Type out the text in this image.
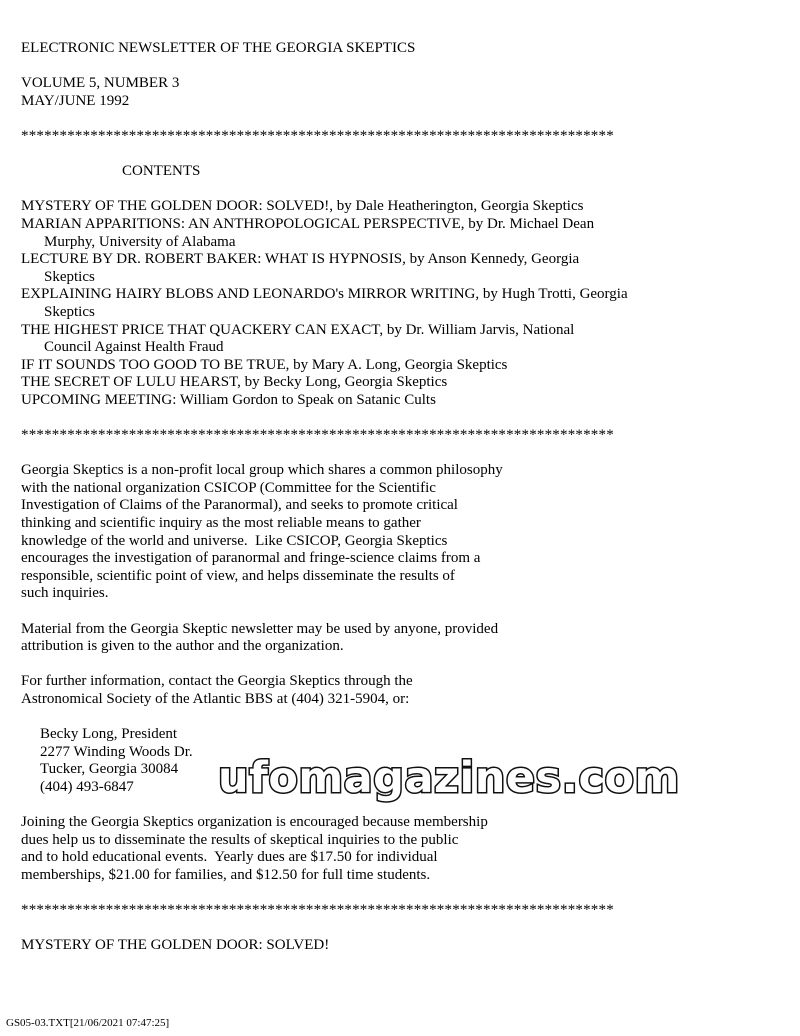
ELECTRONIC NEWSLETTER OF THE GEORGIA SKEPTICS
VOLUME 5, NUMBER 3
MAY/JUNE 1992
*****************************************************************************
CONTENTS
MYSTERY OF THE GOLDEN DOOR: SOLVED!, by Dale Heatherington, Georgia Skeptics
MARIAN APPARITIONS: AN ANTHROPOLOGICAL PERSPECTIVE, by Dr. Michael Dean
Murphy, University of Alabama
LECTURE BY DR. ROBERT BAKER: WHAT IS HYPNOSIS, by Anson Kennedy, Georgia
Skeptics
EXPLAINING HAIRY BLOBS AND LEONARDO's MIRROR WRITING, by Hugh Trotti, Georgia
Skeptics
THE HIGHEST PRICE THAT QUACKERY CAN EXACT, by Dr. William Jarvis, National
Council Against Health Fraud
IF IT SOUNDS TOO GOOD TO BE TRUE, by Mary A. Long, Georgia Skeptics
THE SECRET OF LULU HEARST, by Becky Long, Georgia Skeptics
UPCOMING MEETING: William Gordon to Speak on Satanic Cults
*****************************************************************************
Georgia Skeptics is a non-profit local group which shares a common philosophy
with the national organization CSICOP (Committee for the Scientific
Investigation of Claims of the Paranormal), and seeks to promote critical
thinking and scientific inquiry as the most reliable means to gather
knowledge of the world and universe.  Like CSICOP, Georgia Skeptics
encourages the investigation of paranormal and fringe-science claims from a
responsible, scientific point of view, and helps disseminate the results of
such inquiries.
Material from the Georgia Skeptic newsletter may be used by anyone, provided
attribution is given to the author and the organization.
For further information, contact the Georgia Skeptics through the
Astronomical Society of the Atlantic BBS at (404) 321-5904, or:
Becky Long, President
2277 Winding Woods Dr.
Tucker, Georgia 30084
(404) 493-6847
Joining the Georgia Skeptics organization is encouraged because membership
dues help us to disseminate the results of skeptical inquiries to the public
and to hold educational events.  Yearly dues are $17.50 for individual
memberships, $21.00 for families, and $12.50 for full time students.
*****************************************************************************
MYSTERY OF THE GOLDEN DOOR: SOLVED!
ufomagazines.com
GS05-03.TXT[21/06/2021 07:47:25]
